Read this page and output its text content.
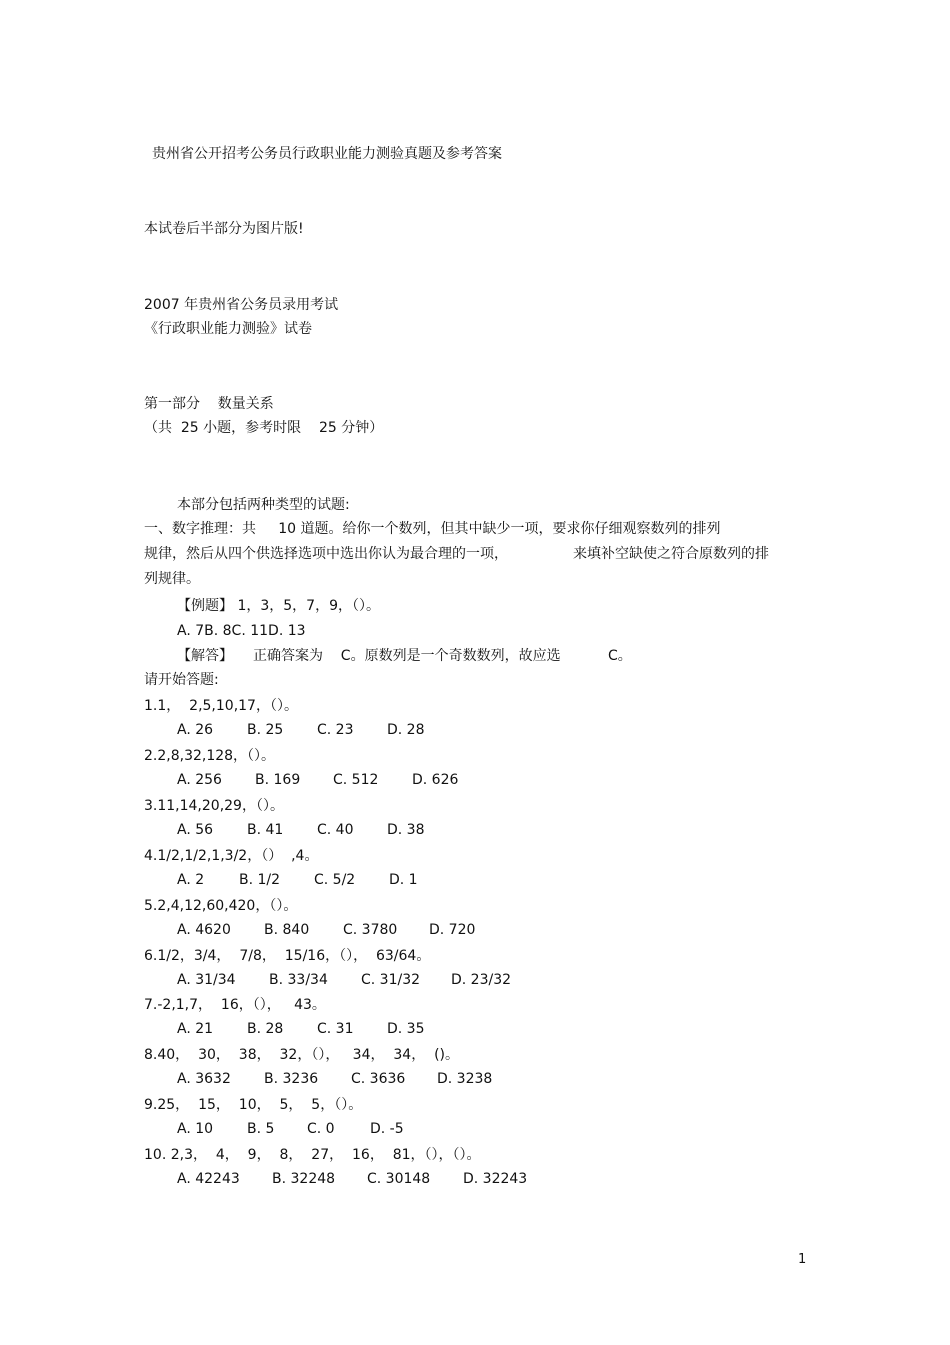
贵州省公开招考公务员行政职业能力测验真题及参考答案
本试卷后半部分为图片版!
2007 年贵州省公务员录用考试
《行政职业能力测验》试卷
第一部分    数量关系
（共  25 小题，参考时限    25 分钟）
本部分包括两种类型的试题:
一、数字推理：共     10 道题。给你一个数列，但其中缺少一项，要求你仔细观察数列的排列
规律，然后从四个供选择选项中选出你认为最合理的一项，	来填补空缺使之符合原数列的排
列规律。
【例题】 1，3，5，7，9，（）。
A. 7B. 8C. 11D. 13
【解答】 正确答案为    C。原数列是一个奇数数列，故应选	C。
请开始答题:
1.1，  2,5,10,17，（）。
A. 26 B. 25 C. 23 D. 28
2.2,8,32,128，（）。
A. 256 B. 169 C. 512 D. 626
3.11,14,20,29，（）。
A. 56 B. 41 C. 40 D. 38
4.1/2,1/2,1,3/2，（）  ,4。
A. 2 B. 1/2 C. 5/2 D. 1
5.2,4,12,60,420，（）。
A. 4620 B. 840 C. 3780 D. 720
6.1/2，3/4，  7/8，  15/16，（），  63/64。
A. 31/34 B. 33/34 C. 31/32 D. 23/32
7.-2,1,7，  16，（），   43。
A. 21 B. 28 C. 31 D. 35
8.40，  30，  38，  32，（），   34，  34，  ()。
A. 3632 B. 3236 C. 3636 D. 3238
9.25，  15，  10，  5，  5，（）。
A. 10 B. 5 C. 0	D. -5
10. 2,3，  4，  9，  8，  27，  16，  81，（），（）。
A. 42243 B. 32248 C. 30148 D. 32243
1
